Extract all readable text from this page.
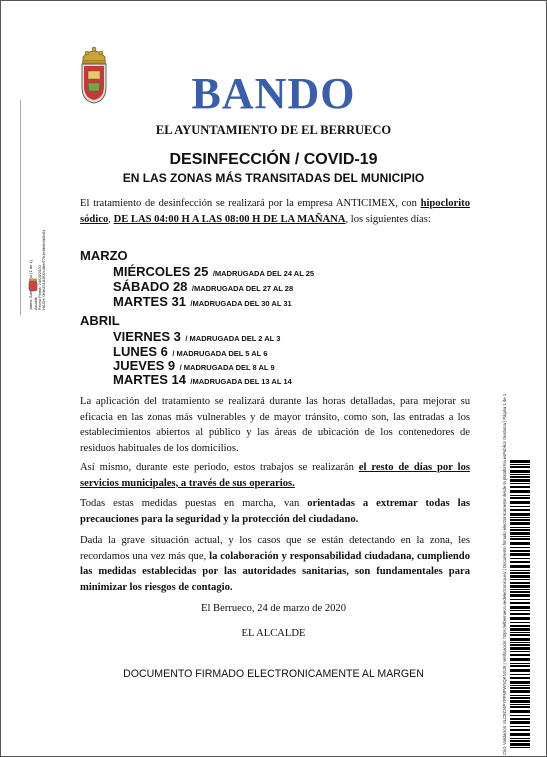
Alcalde Fecha Firma: 24/03/2020 HASH: 0f4e25181f02c48ef77b3e9beb0b0c81
BANDO
EL AYUNTAMIENTO DE EL BERRUECO
DESINFECCIÓN / COVID-19
EN LAS ZONAS MÁS TRANSITADAS DEL MUNICIPIO
El tratamiento de desinfección se realizará por la empresa ANTICIMEX, con hipoclorito sódico, DE LAS 04:00 H A LAS 08:00 H DE LA MAÑANA, los siguientes días:
MARZO
MIÉRCOLES 25 /MADRUGADA DEL 24 AL 25
SÁBADO 28 /MADRUGADA DEL 27 AL 28
MARTES 31 /MADRUGADA DEL 30 AL 31
ABRIL
VIERNES 3 / MADRUGADA DEL 2 AL 3
LUNES 6 / MADRUGADA DEL 5 AL 6
JUEVES 9 / MADRUGADA DEL 8 AL 9
MARTES 14 /MADRUGADA DEL 13 AL 14
La aplicación del tratamiento se realizará durante las horas detalladas, para mejorar su eficacia en las zonas más vulnerables y de mayor tránsito, como son, las entradas a los establecimientos abiertos al público y las áreas de ubicación de los contenedores de residuos habituales de los domicilios.
Así mismo, durante este periodo, estos trabajos se realizarán el resto de días por los servicios municipales, a través de sus operarios.
Todas estas medidas puestas en marcha, van orientadas a extremar todas las precauciones para la seguridad y la protección del ciudadano.
Dada la grave situación actual, y los casos que se están detectando en la zona, les recordamos una vez más que, la colaboración y responsabilidad ciudadana, cumpliendo las medidas establecidas por las autoridades sanitarias, son fundamentales para minimizar los riesgos de contagio.
El Berrueco, 24 de marzo de 2020
EL ALCALDE
DOCUMENTO FIRMADO ELECTRONICAMENTE AL MARGEN	Cód. Validación: 6LC9ZJ4PYPPMFWNQKNGJ9 | Verificación: https://elberrueco.sedelectronica.es/ | Documento firmado electrónicamente desde la plataforma esPublico Gestiona | Página 1 de 1
